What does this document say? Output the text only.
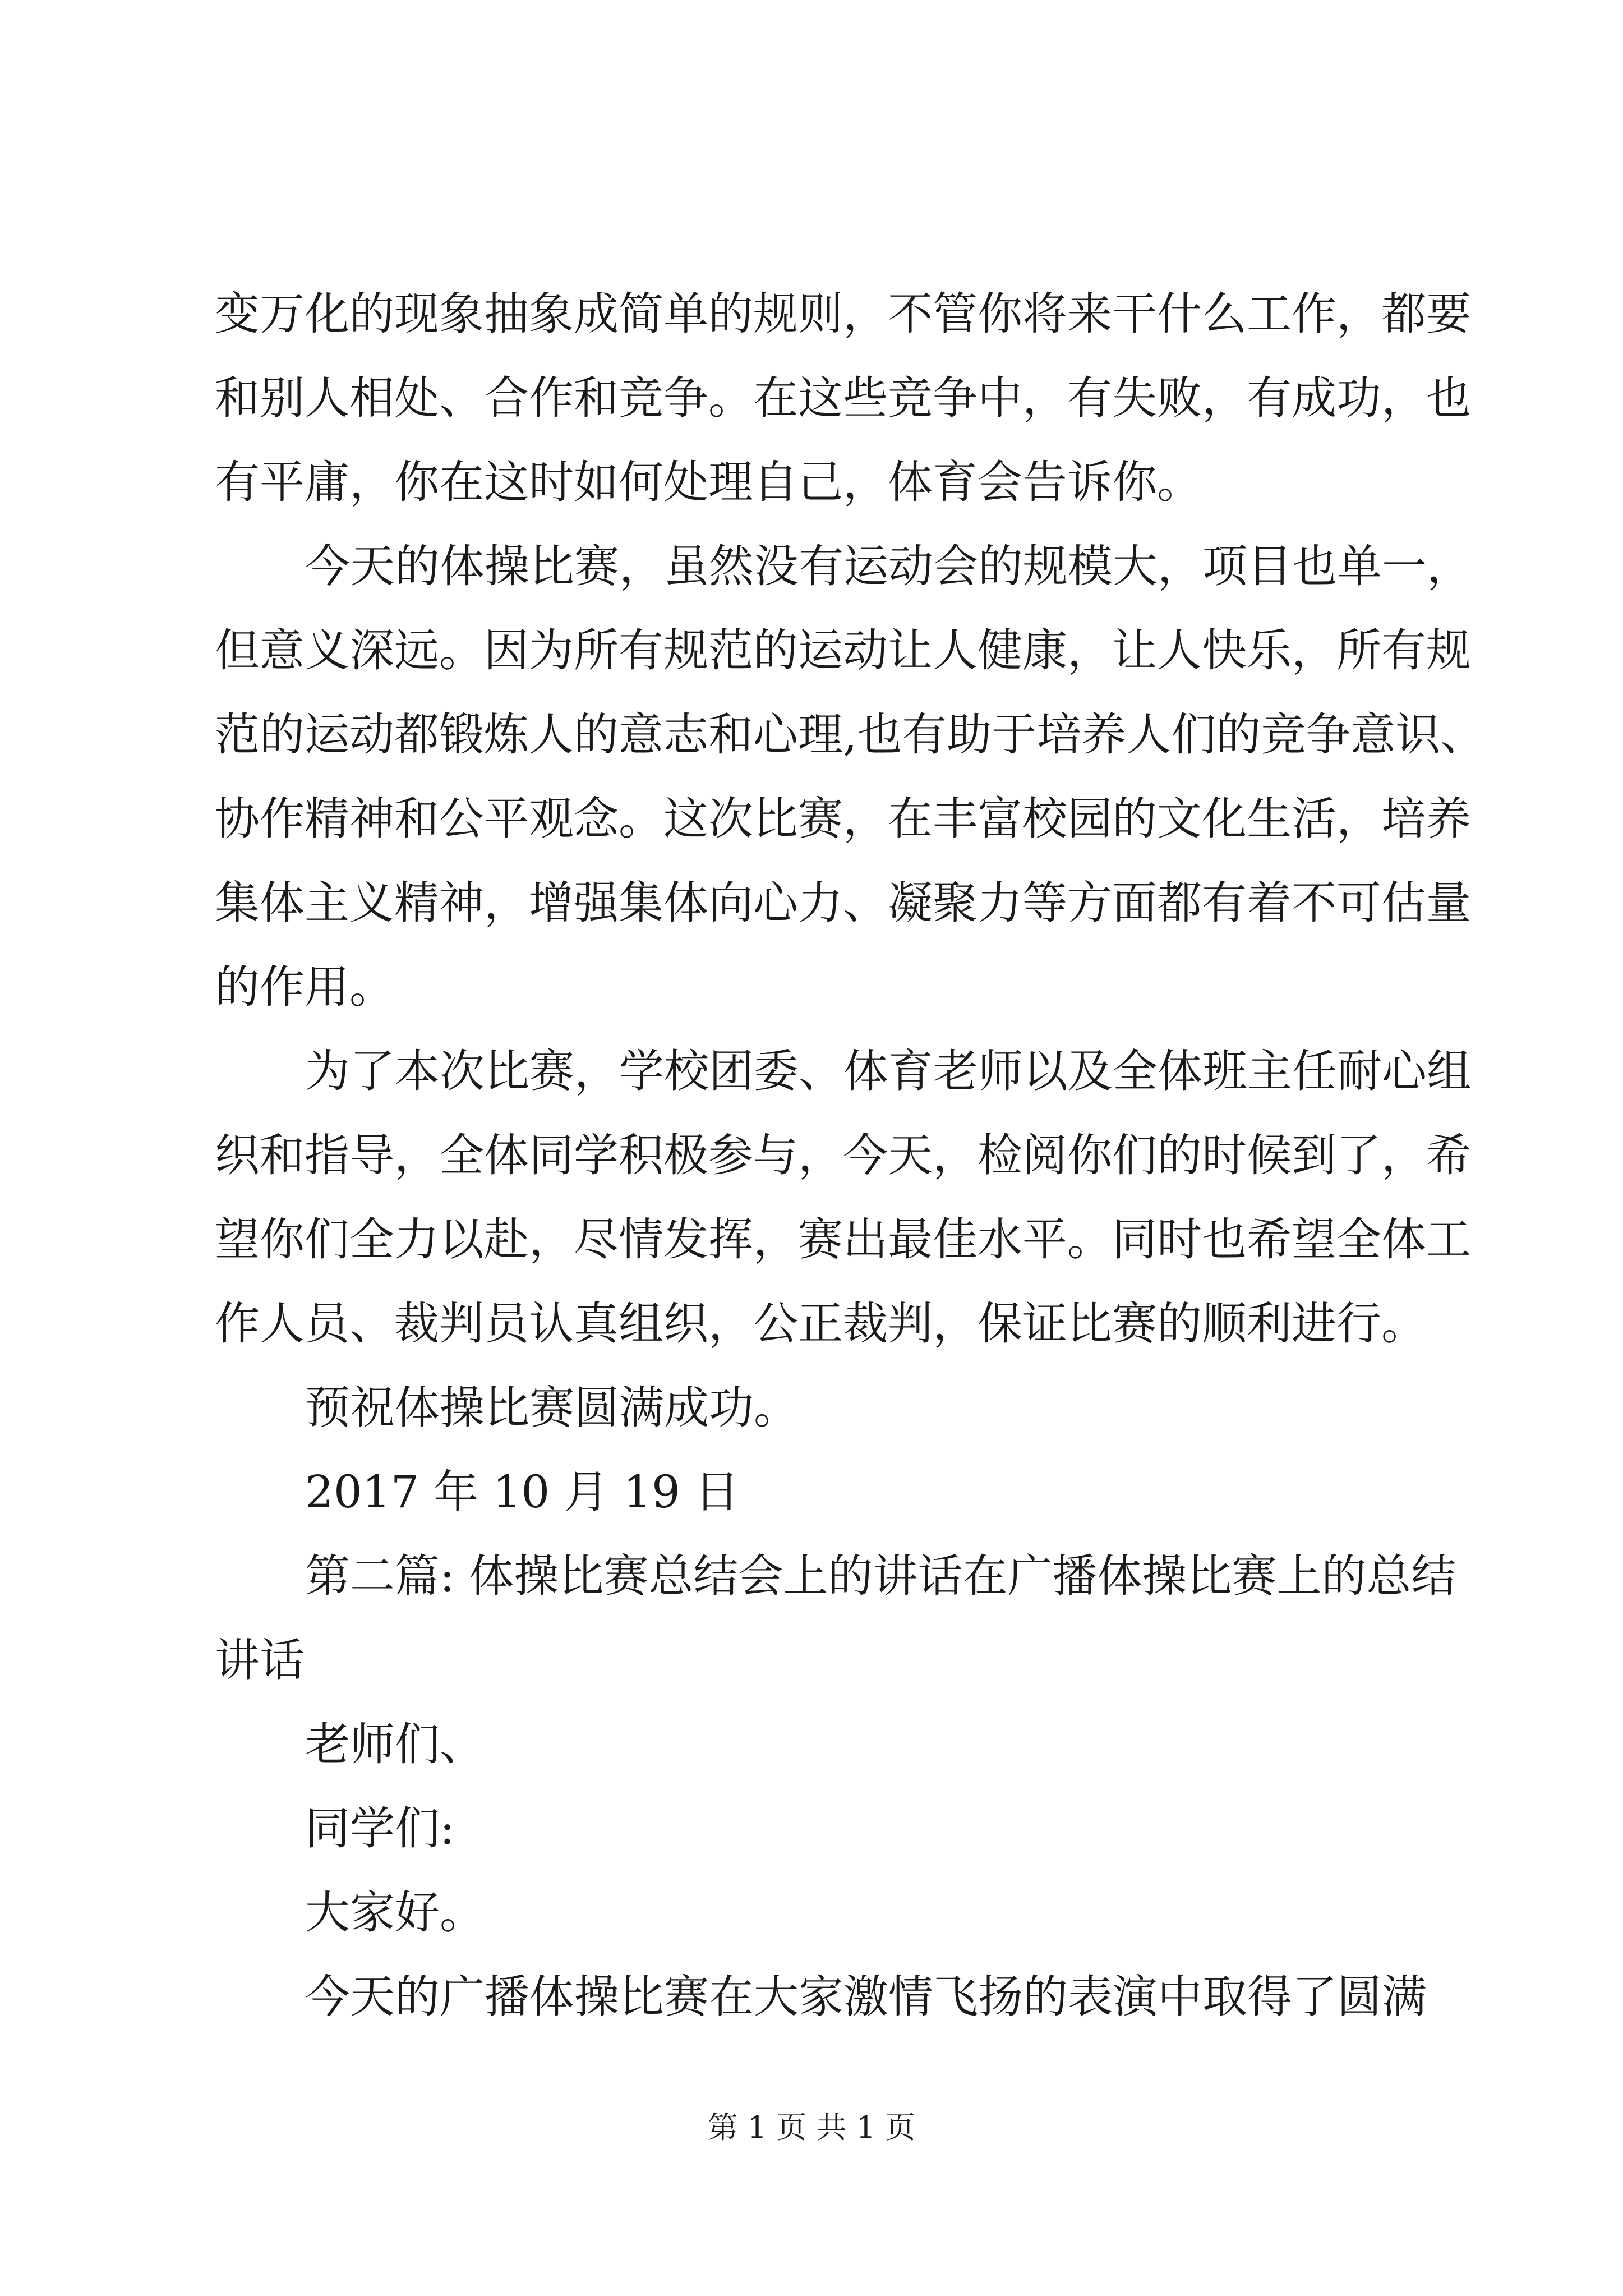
变万化的现象抽象成简单的规则，不管你将来干什么工作，都要
和别人相处、合作和竞争。在这些竞争中，有失败，有成功，也
有平庸，你在这时如何处理自己，体育会告诉你。
今天的体操比赛，虽然没有运动会的规模大，项目也单一，
但意义深远。因为所有规范的运动让人健康，让人快乐，所有规
范的运动都锻炼人的意志和心理,也有助于培养人们的竞争意识、
协作精神和公平观念。这次比赛，在丰富校园的文化生活，培养
集体主义精神，增强集体向心力、凝聚力等方面都有着不可估量
的作用。
为了本次比赛，学校团委、体育老师以及全体班主任耐心组
织和指导，全体同学积极参与，今天，检阅你们的时候到了，希
望你们全力以赴，尽情发挥，赛出最佳水平。同时也希望全体工
作人员、裁判员认真组织，公正裁判，保证比赛的顺利进行。
预祝体操比赛圆满成功。
2017 年 10 月 19 日
第二篇: 体操比赛总结会上的讲话在广播体操比赛上的总结
讲话
老师们、
同学们:
大家好。
第 1 页 共 1 页
今天的广播体操比赛在大家激情飞扬的表演中取得了圆满
